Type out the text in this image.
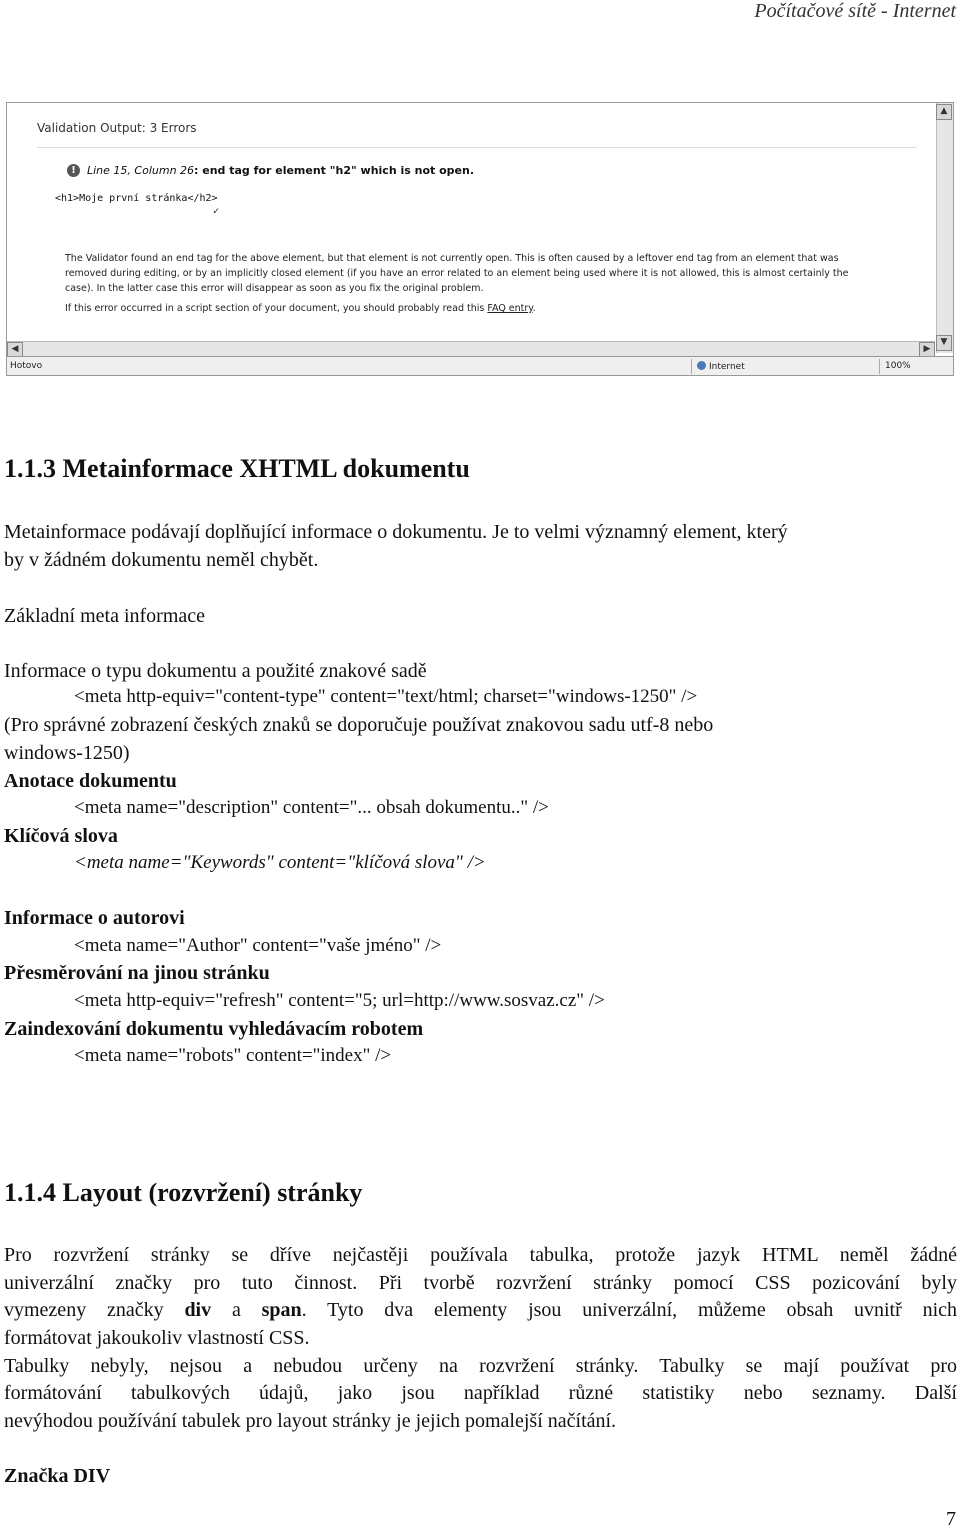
Počítačové sítě - Internet
Validation Output: 3 Errors
!	Line 15, Column 26: end tag for element "h2" which is not open.
<h1>Moje první stránka</h2>
✓
The Validator found an end tag for the above element, but that element is not currently open. This is often caused by a leftover end tag from an element that was removed during editing, or by an implicitly closed element (if you have an error related to an element being used where it is not allowed, this is almost certainly the case). In the latter case this error will disappear as soon as you fix the original problem.
If this error occurred in a script section of your document, you should probably read this FAQ entry.
▲
▼
◀	▶
Hotovo	Internet	100%
1.1.3 Metainformace XHTML dokumentu
Metainformace podávají doplňující informace o dokumentu. Je to velmi významný element, který
by v žádném dokumentu neměl chybět.
Základní meta informace
Informace o typu dokumentu a použité znakové sadě
<meta http-equiv="content-type" content="text/html; charset="windows-1250" />
(Pro správné zobrazení českých znaků se doporučuje používat znakovou sadu utf-8 nebo
windows-1250)
Anotace dokumentu
<meta name="description" content="... obsah dokumentu.." />
Klíčová slova
<meta name="Keywords" content="klíčová slova" />
Informace o autorovi
<meta name="Author" content="vaše jméno" />
Přesměrování na jinou stránku
<meta http-equiv="refresh" content="5; url=http://www.sosvaz.cz" />
Zaindexování dokumentu vyhledávacím robotem
<meta name="robots" content="index" />
1.1.4 Layout (rozvržení) stránky
Pro rozvržení stránky se dříve nejčastěji používala tabulka, protože jazyk HTML neměl žádné
univerzální značky pro tuto činnost. Při tvorbě rozvržení stránky pomocí CSS pozicování byly
vymezeny značky div a span. Tyto dva elementy jsou univerzální, můžeme obsah uvnitř nich
formátovat jakoukoliv vlastností CSS.
Tabulky nebyly, nejsou a nebudou určeny na rozvržení stránky. Tabulky se mají používat pro
formátování tabulkových údajů, jako jsou například různé statistiky nebo seznamy. Další
nevýhodou používání tabulek pro layout stránky je jejich pomalejší načítání.
Značka DIV
7
